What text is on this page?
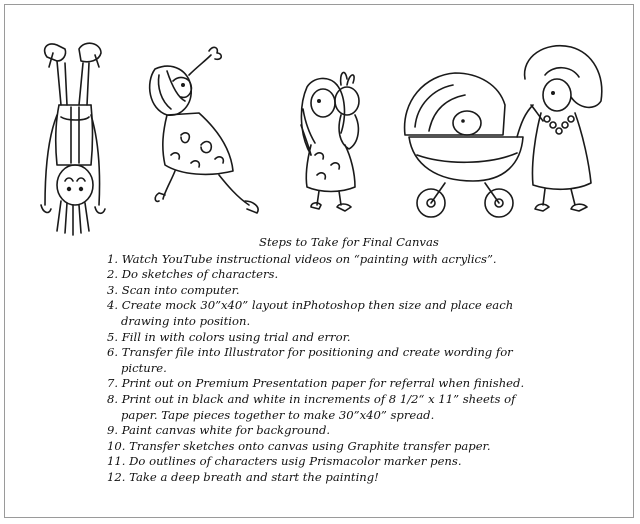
Steps to Take for Final Canvas
1. Watch YouTube instructional videos on “painting with acrylics”.
2. Do sketches of characters.
3. Scan into computer.
4. Create mock 30”x40” layout inPhotoshop then size and place each
drawing into position.
5. Fill in with colors using trial and error.
6. Transfer file into Illustrator for positioning and create wording for
picture.
7. Print out on Premium Presentation paper for referral when finished.
8. Print out in black and white in increments of 8 1/2“ x 11” sheets of
paper. Tape pieces together to make 30”x40” spread.
9. Paint canvas white for background.
10. Transfer sketches onto canvas using Graphite transfer paper.
11. Do outlines of characters usig Prismacolor marker pens.
12. Take a deep breath and start the painting!
